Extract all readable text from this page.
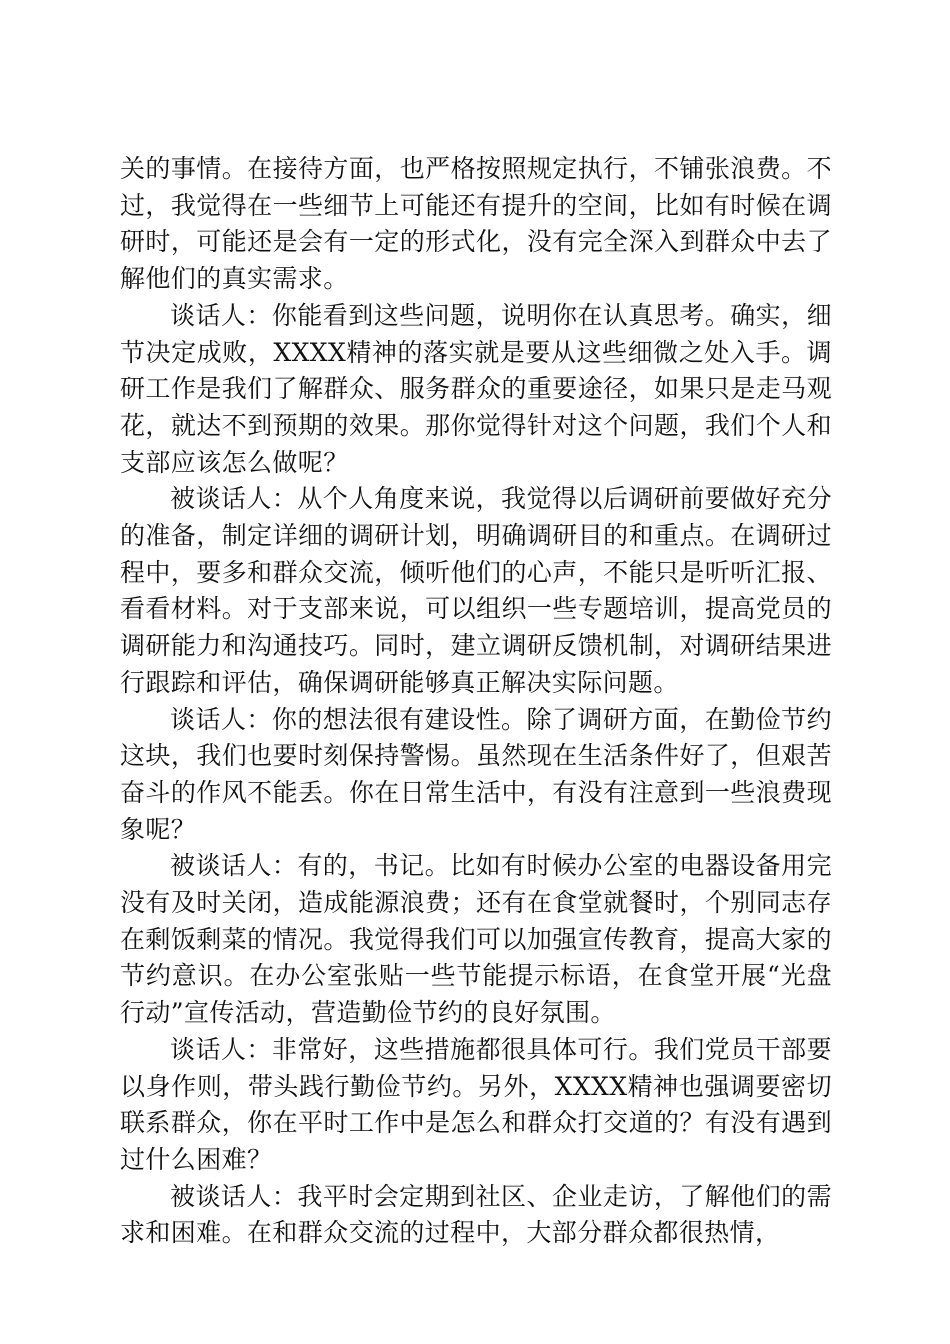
关的事情。在接待方面，也严格按照规定执行，不铺张浪费。不过，我觉得在一些细节上可能还有提升的空间，比如有时候在调研时，可能还是会有一定的形式化，没有完全深入到群众中去了解他们的真实需求。

谈话人：你能看到这些问题，说明你在认真思考。确实，细节决定成败，XXXX精神的落实就是要从这些细微之处入手。调研工作是我们了解群众、服务群众的重要途径，如果只是走马观花，就达不到预期的效果。那你觉得针对这个问题，我们个人和支部应该怎么做呢？

被谈话人：从个人角度来说，我觉得以后调研前要做好充分的准备，制定详细的调研计划，明确调研目的和重点。在调研过程中，要多和群众交流，倾听他们的心声，不能只是听听汇报、看看材料。对于支部来说，可以组织一些专题培训，提高党员的调研能力和沟通技巧。同时，建立调研反馈机制，对调研结果进行跟踪和评估，确保调研能够真正解决实际问题。

谈话人：你的想法很有建设性。除了调研方面，在勤俭节约这块，我们也要时刻保持警惕。虽然现在生活条件好了，但艰苦奋斗的作风不能丢。你在日常生活中，有没有注意到一些浪费现象呢？

被谈话人：有的，书记。比如有时候办公室的电器设备用完没有及时关闭，造成能源浪费；还有在食堂就餐时，个别同志存在剩饭剩菜的情况。我觉得我们可以加强宣传教育，提高大家的节约意识。在办公室张贴一些节能提示标语，在食堂开展“光盘行动”宣传活动，营造勤俭节约的良好氛围。

谈话人：非常好，这些措施都很具体可行。我们党员干部要以身作则，带头践行勤俭节约。另外，XXXX精神也强调要密切联系群众，你在平时工作中是怎么和群众打交道的？有没有遇到过什么困难？

被谈话人：我平时会定期到社区、企业走访，了解他们的需求和困难。在和群众交流的过程中，大部分群众都很热情，
